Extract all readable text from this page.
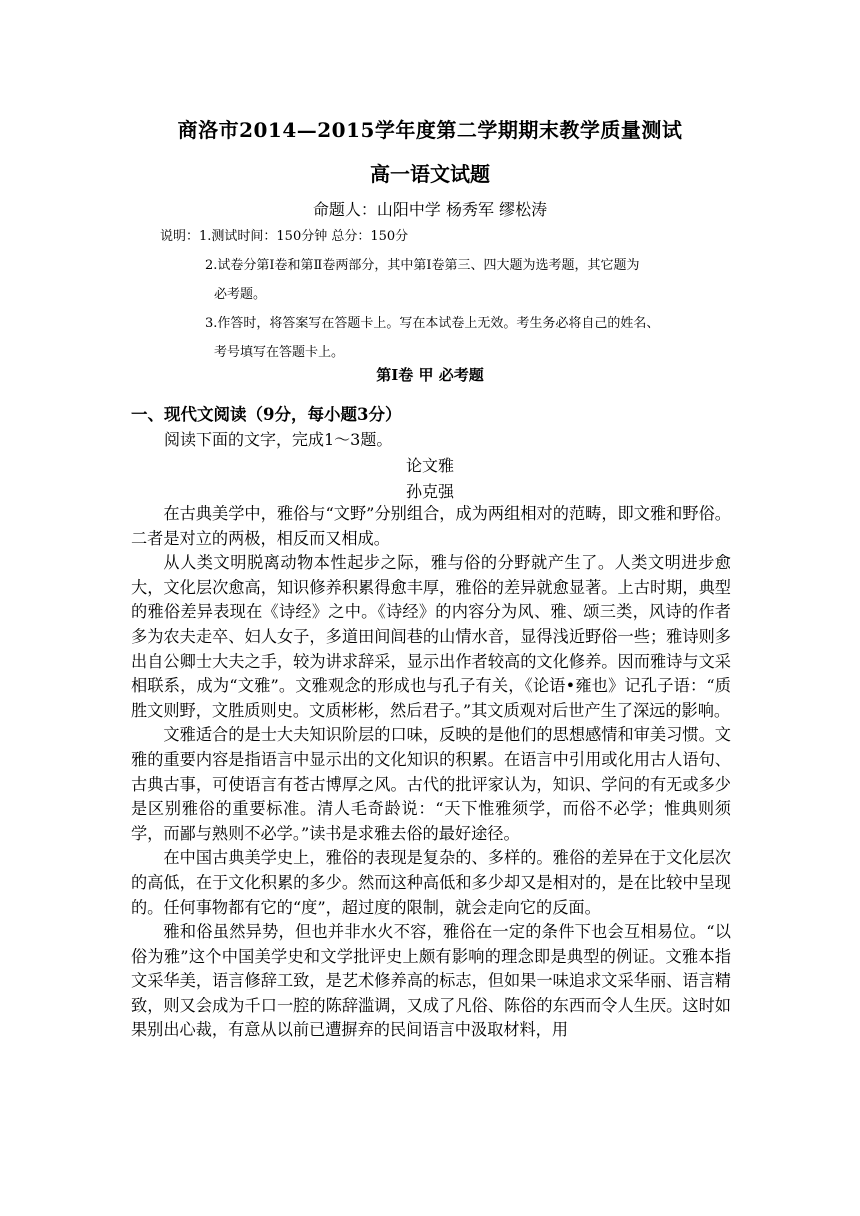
商洛市2014—2015学年度第二学期期末教学质量测试
高一语文试题
命题人：山阳中学 杨秀军 缪松涛
说明：1.测试时间：150分钟 总分：150分
2.试卷分第Ⅰ卷和第Ⅱ卷两部分，其中第Ⅰ卷第三、四大题为选考题，其它题为
必考题。
3.作答时，将答案写在答题卡上。写在本试卷上无效。考生务必将自己的姓名、
考号填写在答题卡上。
第Ⅰ卷 甲 必考题
一、现代文阅读（9分，每小题3分）
阅读下面的文字，完成1～3题。
论文雅
孙克强

在古典美学中，雅俗与“文野”分别组合，成为两组相对的范畴，即文雅和野俗。二者是对立的两极，相反而又相成。

从人类文明脱离动物本性起步之际，雅与俗的分野就产生了。人类文明进步愈大，文化层次愈高，知识修养积累得愈丰厚，雅俗的差异就愈显著。上古时期，典型的雅俗差异表现在《诗经》之中。《诗经》的内容分为风、雅、颂三类，风诗的作者多为农夫走卒、妇人女子，多道田间闾巷的山情水音，显得浅近野俗一些；雅诗则多出自公卿士大夫之手，较为讲求辞采，显示出作者较高的文化修养。因而雅诗与文采相联系，成为“文雅”。文雅观念的形成也与孔子有关，《论语•雍也》记孔子语：“质胜文则野，文胜质则史。文质彬彬，然后君子。”其文质观对后世产生了深远的影响。

文雅适合的是士大夫知识阶层的口味，反映的是他们的思想感情和审美习惯。文雅的重要内容是指语言中显示出的文化知识的积累。在语言中引用或化用古人语句、古典古事，可使语言有苍古博厚之风。古代的批评家认为，知识、学问的有无或多少是区别雅俗的重要标准。清人毛奇龄说：“天下惟雅须学，而俗不必学；惟典则须学，而鄙与熟则不必学。”读书是求雅去俗的最好途径。

在中国古典美学史上，雅俗的表现是复杂的、多样的。雅俗的差异在于文化层次的高低，在于文化积累的多少。然而这种高低和多少却又是相对的，是在比较中呈现的。任何事物都有它的“度”，超过度的限制，就会走向它的反面。

雅和俗虽然异势，但也并非水火不容，雅俗在一定的条件下也会互相易位。“以俗为雅”这个中国美学史和文学批评史上颇有影响的理念即是典型的例证。文雅本指文采华美，语言修辞工致，是艺术修养高的标志，但如果一味追求文采华丽、语言精致，则又会成为千口一腔的陈辞滥调，又成了凡俗、陈俗的东西而令人生厌。这时如果别出心裁，有意从以前已遭摒弃的民间语言中汲取材料，用
